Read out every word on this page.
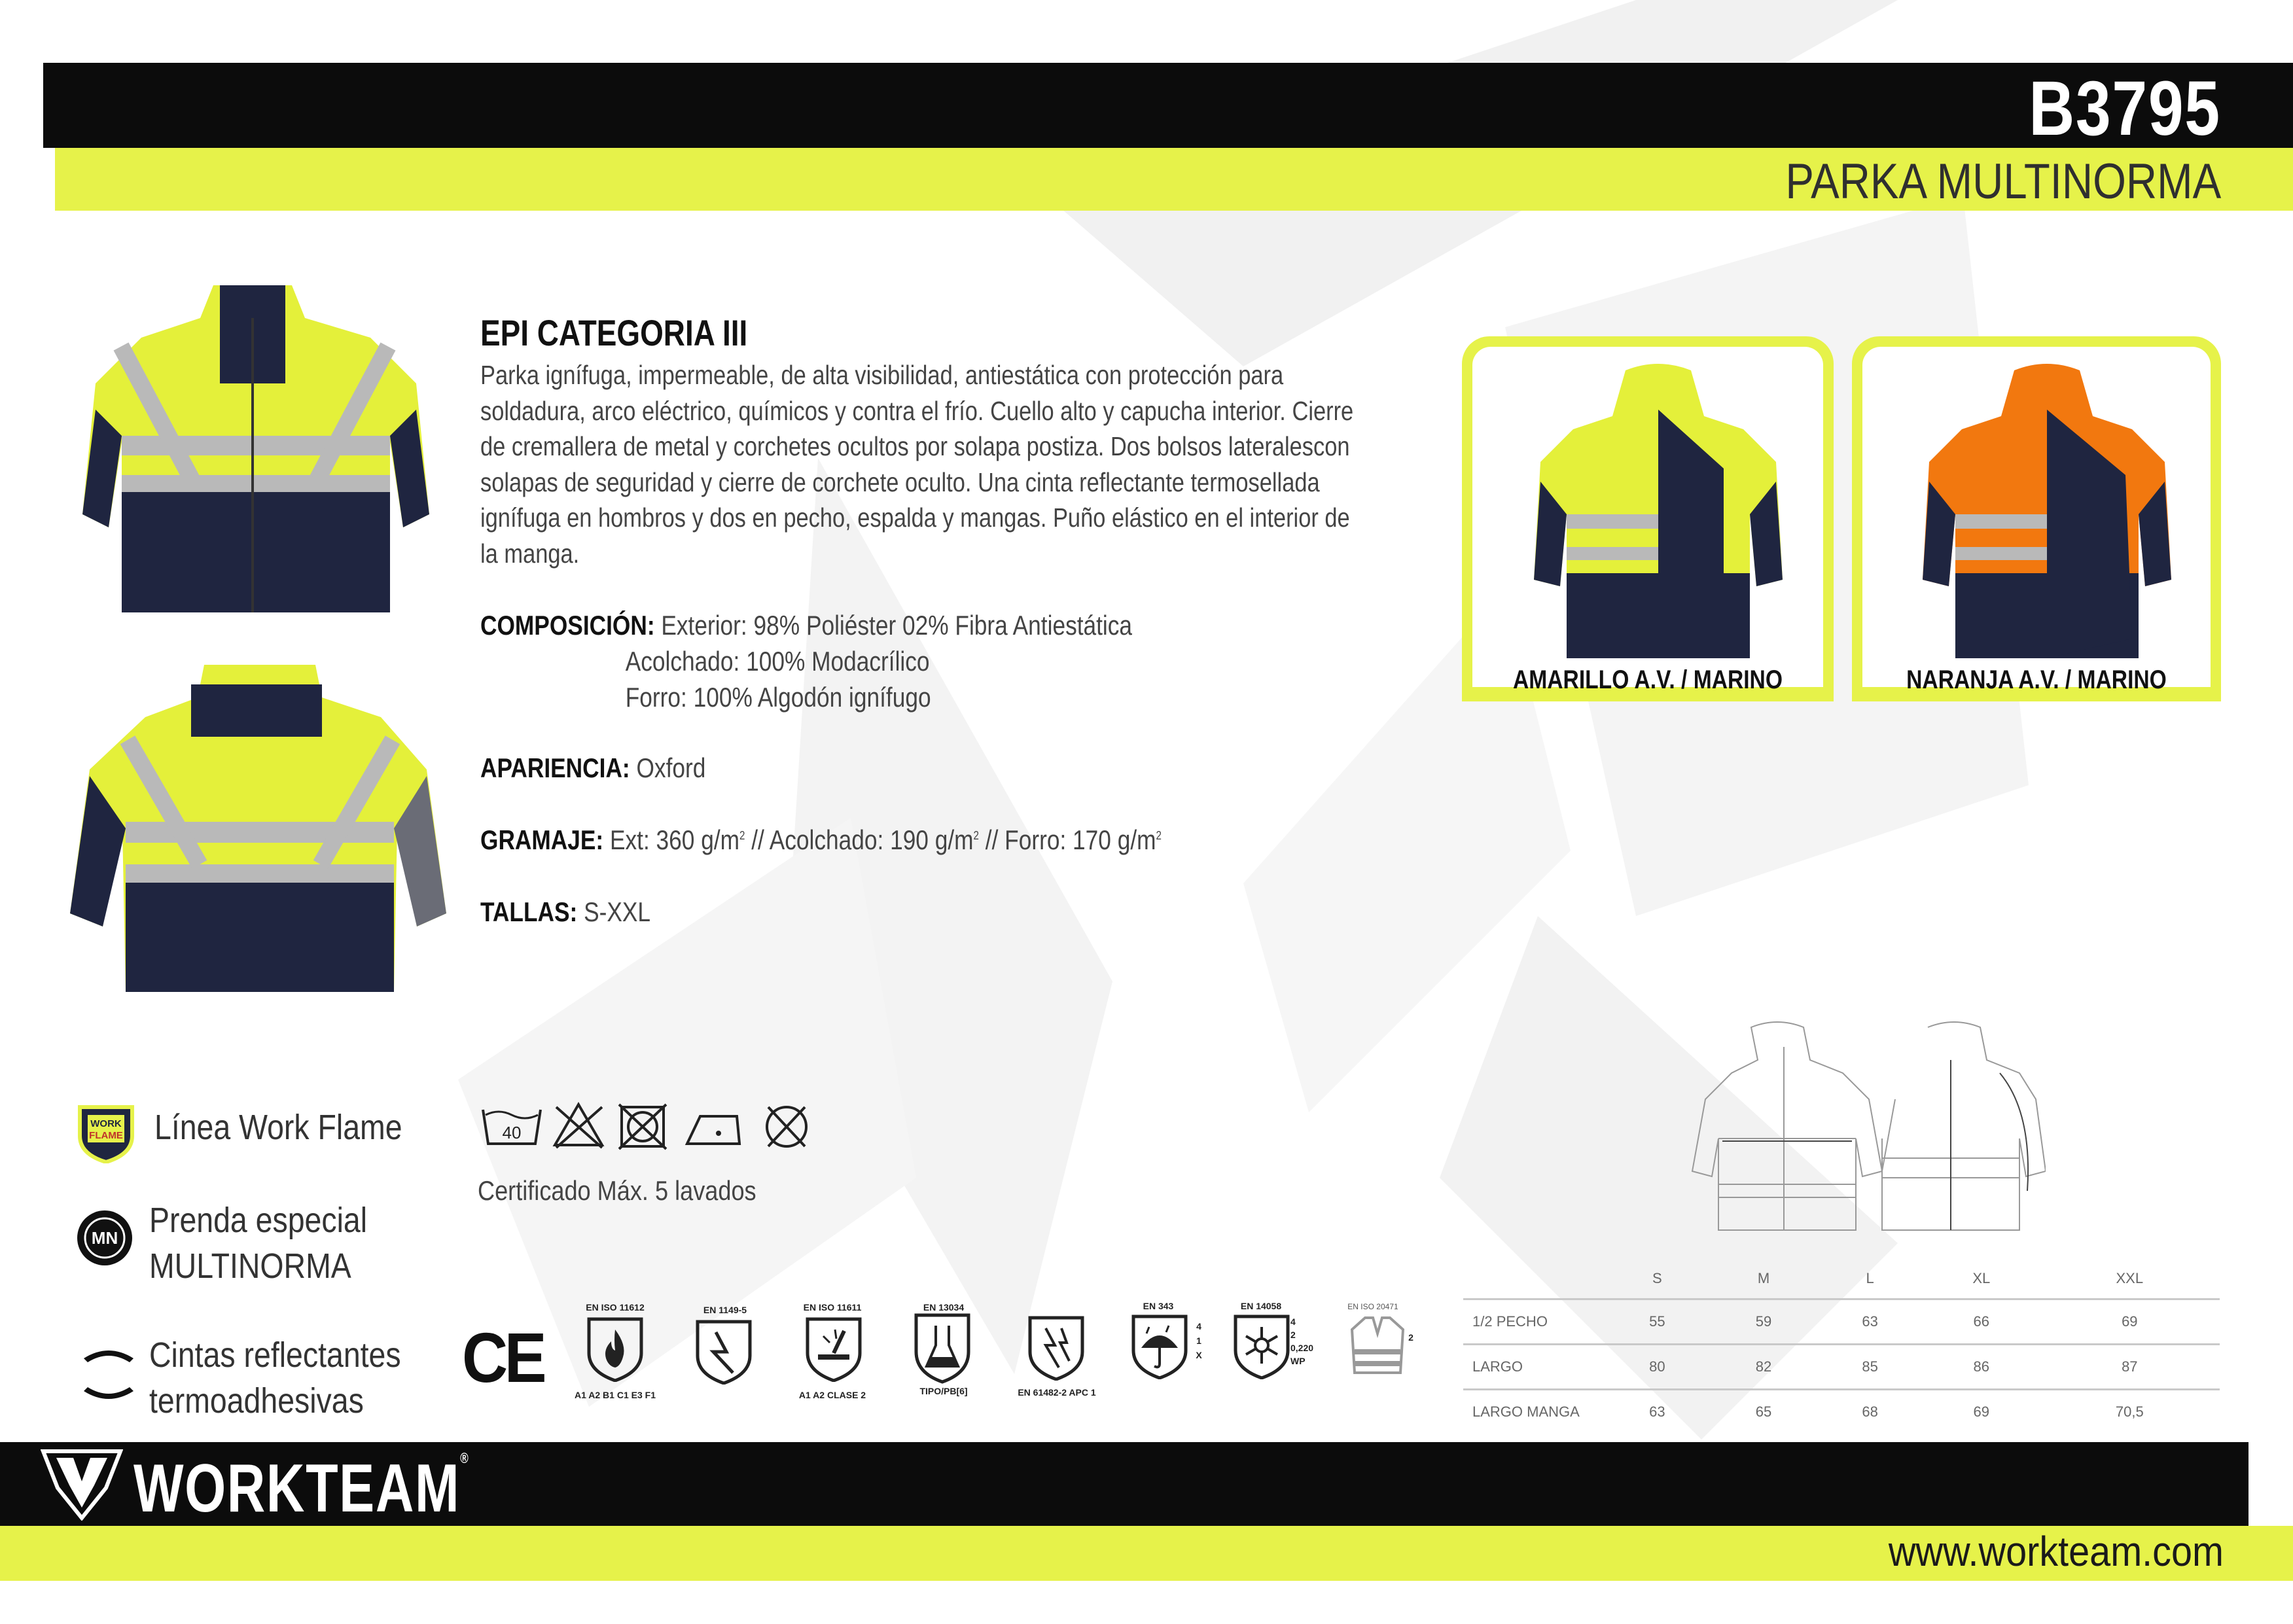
B3795
PARKA MULTINORMA
EPI CATEGORIA III
Parka ignífuga, impermeable, de alta visibilidad, antiestática con protección para soldadura, arco eléctrico, químicos y contra el frío. Cuello alto y capucha interior. Cierre de cremallera de metal y corchetes ocultos por solapa postiza. Dos bolsos lateralescon solapas de seguridad y cierre de corchete oculto. Una cinta reflectante termosellada ignífuga en hombros y dos en pecho, espalda y mangas. Puño elástico en el interior de la manga.
COMPOSICIÓN: Exterior: 98% Poliéster 02% Fibra Antiestática
Acolchado: 100% Modacrílico
Forro: 100% Algodón ignífugo
APARIENCIA: Oxford
GRAMAJE: Ext: 360 $g/m^2$ // Acolchado: 190 $g/m^2$ // Forro: 170 $g/m^2$
TALLAS: S-XXL
AMARILLO A.V. / MARINO	NARANJA A.V. / MARINO
WORK
FLAME Línea Work Flame
MN Prenda especial
MULTINORMA
Cintas reflectantes
termoadhesivas
40
Certificado Máx. 5 lavados
CE
EN ISO 11612
A1 A2 B1 C1 E3 F1
EN 1149-5	EN ISO 11611
A1 A2 CLASE 2
EN 13034
TIPO/PB[6]	EN 61482-2 APC 1
EN 343
4
1
X
EN 14058
4
2
0,220
WP
EN ISO 20471
2
	S	M	L	XL	XXL
1/2 PECHO	55	59	63	66	69
LARGO	80	82	85	86	87
LARGO MANGA	63	65	68	69	70,5
WORKTEAM®
www.workteam.com
